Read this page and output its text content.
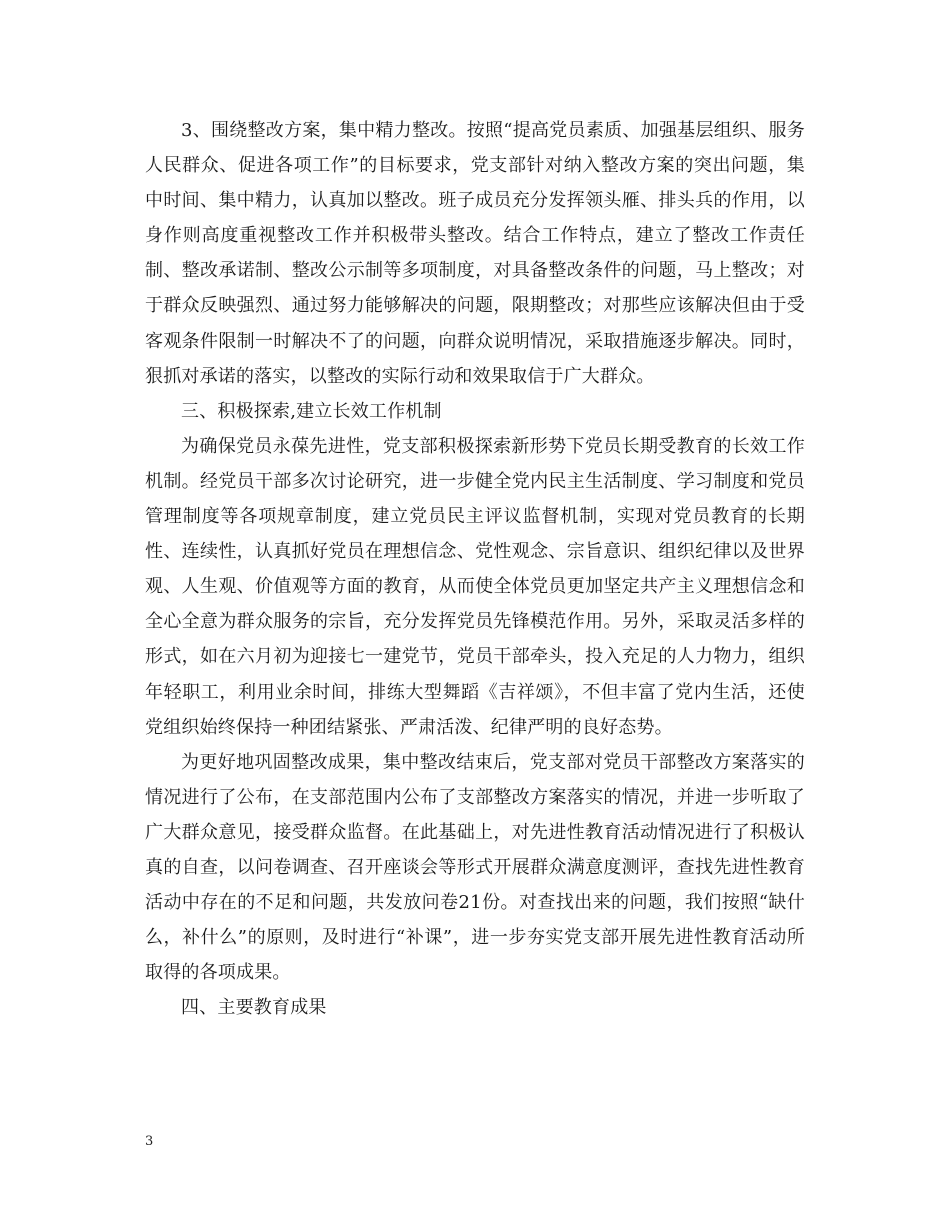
3、围绕整改方案，集中精力整改。按照“提高党员素质、加强基层组织、服务人民群众、促进各项工作”的目标要求，党支部针对纳入整改方案的突出问题，集中时间、集中精力，认真加以整改。班子成员充分发挥领头雁、排头兵的作用，以身作则高度重视整改工作并积极带头整改。结合工作特点，建立了整改工作责任制、整改承诺制、整改公示制等多项制度，对具备整改条件的问题，马上整改；对于群众反映强烈、通过努力能够解决的问题，限期整改；对那些应该解决但由于受客观条件限制一时解决不了的问题，向群众说明情况，采取措施逐步解决。同时，狠抓对承诺的落实，以整改的实际行动和效果取信于广大群众。

三、积极探索,建立长效工作机制

为确保党员永葆先进性，党支部积极探索新形势下党员长期受教育的长效工作机制。经党员干部多次讨论研究，进一步健全党内民主生活制度、学习制度和党员管理制度等各项规章制度，建立党员民主评议监督机制，实现对党员教育的长期性、连续性，认真抓好党员在理想信念、党性观念、宗旨意识、组织纪律以及世界观、人生观、价值观等方面的教育，从而使全体党员更加坚定共产主义理想信念和全心全意为群众服务的宗旨，充分发挥党员先锋模范作用。另外，采取灵活多样的形式，如在六月初为迎接七一建党节，党员干部牵头，投入充足的人力物力，组织年轻职工，利用业余时间，排练大型舞蹈《吉祥颂》，不但丰富了党内生活，还使党组织始终保持一种团结紧张、严肃活泼、纪律严明的良好态势。

为更好地巩固整改成果，集中整改结束后，党支部对党员干部整改方案落实的情况进行了公布，在支部范围内公布了支部整改方案落实的情况，并进一步听取了广大群众意见，接受群众监督。在此基础上，对先进性教育活动情况进行了积极认真的自查，以问卷调查、召开座谈会等形式开展群众满意度测评，查找先进性教育活动中存在的不足和问题，共发放问卷21份。对查找出来的问题，我们按照“缺什么，补什么”的原则，及时进行“补课”，进一步夯实党支部开展先进性教育活动所取得的各项成果。

四、主要教育成果

3
